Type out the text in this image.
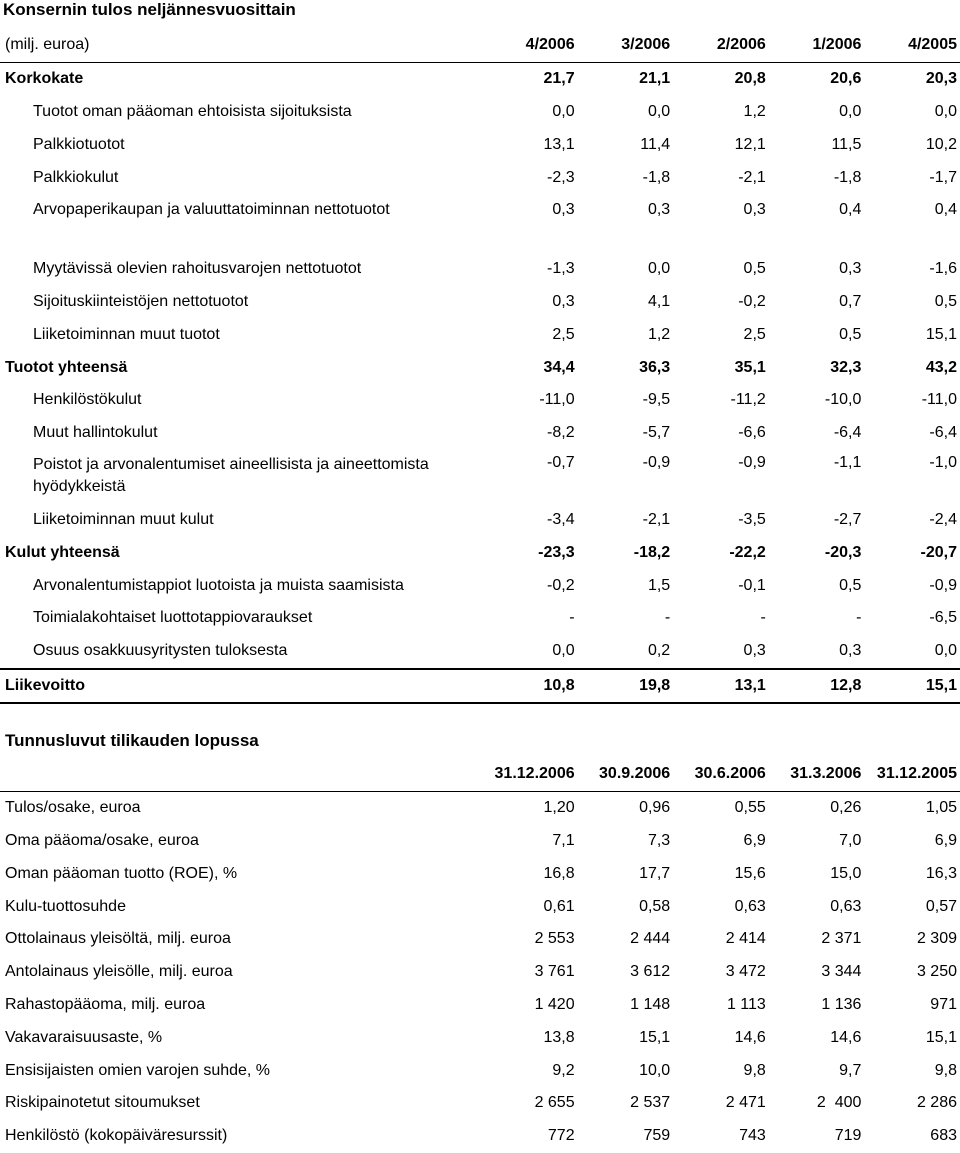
Konsernin tulos neljännesvuosittain
(milj. euroa)	4/2006	3/2006	2/2006	1/2006	4/2005
Korkokate	21,7	21,1	20,8	20,6	20,3
Tuotot oman pääoman ehtoisista sijoituksista	0,0	0,0	1,2	0,0	0,0
Palkkiotuotot	13,1	11,4	12,1	11,5	10,2
Palkkiokulut	-2,3	-1,8	-2,1	-1,8	-1,7
Arvopaperikaupan ja valuuttatoiminnan nettotuotot	0,3	0,3	0,3	0,4	0,4

Myytävissä olevien rahoitusvarojen nettotuotot	-1,3	0,0	0,5	0,3	-1,6
Sijoituskiinteistöjen nettotuotot	0,3	4,1	-0,2	0,7	0,5
Liiketoiminnan muut tuotot	2,5	1,2	2,5	0,5	15,1
Tuotot yhteensä	34,4	36,3	35,1	32,3	43,2
Henkilöstökulut	-11,0	-9,5	-11,2	-10,0	-11,0
Muut hallintokulut	-8,2	-5,7	-6,6	-6,4	-6,4
Poistot ja arvonalentumiset aineellisista ja aineettomista hyödykkeistä	-0,7	-0,9	-0,9	-1,1	-1,0
Liiketoiminnan muut kulut	-3,4	-2,1	-3,5	-2,7	-2,4
Kulut yhteensä	-23,3	-18,2	-22,2	-20,3	-20,7
Arvonalentumistappiot luotoista ja muista saamisista	-0,2	1,5	-0,1	0,5	-0,9
Toimialakohtaiset luottotappiovaraukset	-	-	-	-	-6,5
Osuus osakkuusyritysten tuloksesta	0,0	0,2	0,3	0,3	0,0
Liikevoitto	10,8	19,8	13,1	12,8	15,1
Tunnusluvut tilikauden lopussa
	31.12.2006	30.9.2006	30.6.2006	31.3.2006	31.12.2005
Tulos/osake, euroa	1,20	0,96	0,55	0,26	1,05
Oma pääoma/osake, euroa	7,1	7,3	6,9	7,0	6,9
Oman pääoman tuotto (ROE), %	16,8	17,7	15,6	15,0	16,3
Kulu-tuottosuhde	0,61	0,58	0,63	0,63	0,57
Ottolainaus yleisöltä, milj. euroa	2 553	2 444	2 414	2 371	2 309
Antolainaus yleisölle, milj. euroa	3 761	3 612	3 472	3 344	3 250
Rahastopääoma, milj. euroa	1 420	1 148	1 113	1 136	971
Vakavaraisuusaste, %	13,8	15,1	14,6	14,6	15,1
Ensisijaisten omien varojen suhde, %	9,2	10,0	9,8	9,7	9,8
Riskipainotetut sitoumukset	2 655	2 537	2 471	2  400	2 286
Henkilöstö (kokopäiväresurssit)	772	759	743	719	683
